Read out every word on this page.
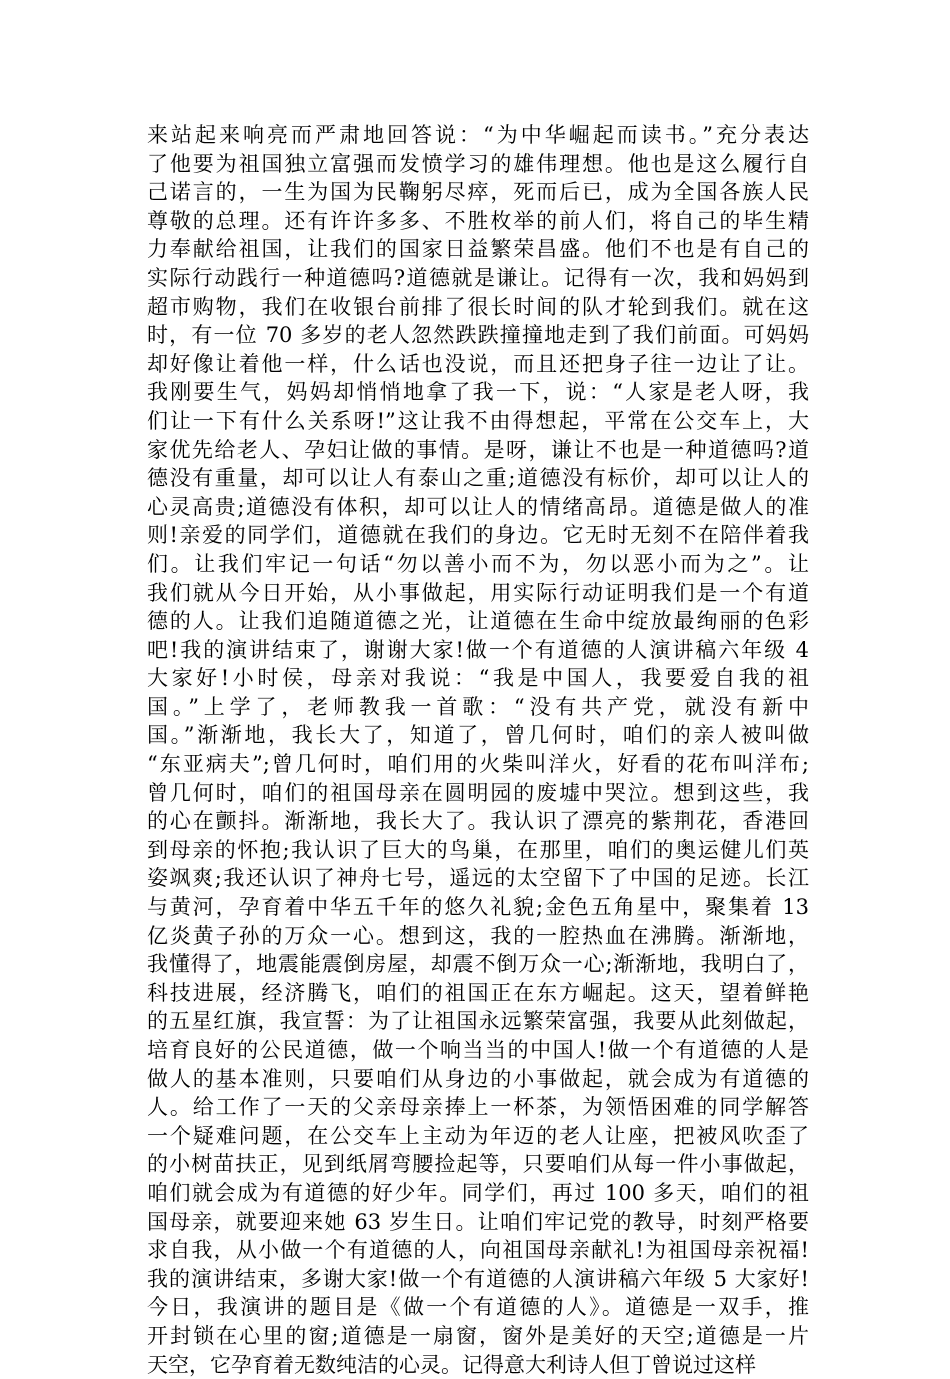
来站起来响亮而严肃地回答说：“为中华崛起而读书。”充分表达
了他要为祖国独立富强而发愤学习的雄伟理想。他也是这么履行自
己诺言的，一生为国为民鞠躬尽瘁，死而后已，成为全国各族人民
尊敬的总理。还有许许多多、不胜枚举的前人们，将自己的毕生精
力奉献给祖国，让我们的国家日益繁荣昌盛。他们不也是有自己的
实际行动践行一种道德吗?道德就是谦让。记得有一次，我和妈妈到
超市购物，我们在收银台前排了很长时间的队才轮到我们。就在这
时，有一位 70 多岁的老人忽然跌跌撞撞地走到了我们前面。可妈妈
却好像让着他一样，什么话也没说，而且还把身子往一边让了让。
我刚要生气，妈妈却悄悄地拿了我一下，说：“人家是老人呀，我
们让一下有什么关系呀!”这让我不由得想起，平常在公交车上，大
家优先给老人、孕妇让做的事情。是呀，谦让不也是一种道德吗?道
德没有重量，却可以让人有泰山之重;道德没有标价，却可以让人的
心灵高贵;道德没有体积，却可以让人的情绪高昂。道德是做人的准
则!亲爱的同学们，道德就在我们的身边。它无时无刻不在陪伴着我
们。让我们牢记一句话“勿以善小而不为，勿以恶小而为之”。让
我们就从今日开始，从小事做起，用实际行动证明我们是一个有道
德的人。让我们追随道德之光，让道德在生命中绽放最绚丽的色彩
吧!我的演讲结束了，谢谢大家!做一个有道德的人演讲稿六年级 4
大家好!小时侯，母亲对我说：“我是中国人，我要爱自我的祖
国。”上学了，老师教我一首歌：“没有共产党，就没有新中
国。”渐渐地，我长大了，知道了，曾几何时，咱们的亲人被叫做
“东亚病夫”;曾几何时，咱们用的火柴叫洋火，好看的花布叫洋布;
曾几何时，咱们的祖国母亲在圆明园的废墟中哭泣。想到这些，我
的心在颤抖。渐渐地，我长大了。我认识了漂亮的紫荆花，香港回
到母亲的怀抱;我认识了巨大的鸟巢，在那里，咱们的奥运健儿们英
姿飒爽;我还认识了神舟七号，遥远的太空留下了中国的足迹。长江
与黄河，孕育着中华五千年的悠久礼貌;金色五角星中，聚集着 13
亿炎黄子孙的万众一心。想到这，我的一腔热血在沸腾。渐渐地，
我懂得了，地震能震倒房屋，却震不倒万众一心;渐渐地，我明白了，
科技进展，经济腾飞，咱们的祖国正在东方崛起。这天，望着鲜艳
的五星红旗，我宣誓：为了让祖国永远繁荣富强，我要从此刻做起，
培育良好的公民道德，做一个响当当的中国人!做一个有道德的人是
做人的基本准则，只要咱们从身边的小事做起，就会成为有道德的
人。给工作了一天的父亲母亲捧上一杯茶，为领悟困难的同学解答
一个疑难问题，在公交车上主动为年迈的老人让座，把被风吹歪了
的小树苗扶正，见到纸屑弯腰捡起等，只要咱们从每一件小事做起，
咱们就会成为有道德的好少年。同学们，再过 100 多天，咱们的祖
国母亲，就要迎来她 63 岁生日。让咱们牢记党的教导，时刻严格要
求自我，从小做一个有道德的人，向祖国母亲献礼!为祖国母亲祝福!
我的演讲结束，多谢大家!做一个有道德的人演讲稿六年级 5 大家好!
今日，我演讲的题目是《做一个有道德的人》。道德是一双手，推
开封锁在心里的窗;道德是一扇窗，窗外是美好的天空;道德是一片
天空，它孕育着无数纯洁的心灵。记得意大利诗人但丁曾说过这样
